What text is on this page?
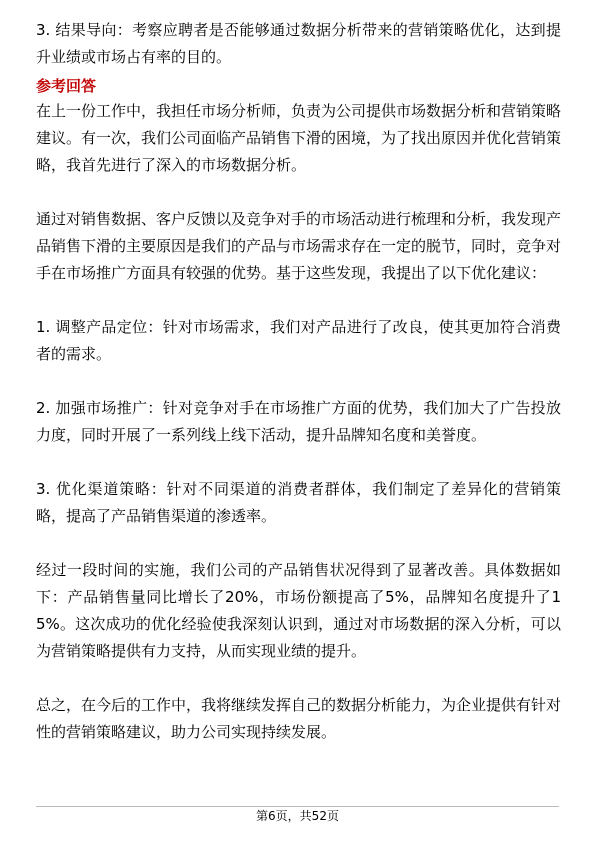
3. 结果导向：考察应聘者是否能够通过数据分析带来的营销策略优化，达到提升业绩或市场占有率的目的。

参考回答

在上一份工作中，我担任市场分析师，负责为公司提供市场数据分析和营销策略建议。有一次，我们公司面临产品销售下滑的困境，为了找出原因并优化营销策略，我首先进行了深入的市场数据分析。

通过对销售数据、客户反馈以及竞争对手的市场活动进行梳理和分析，我发现产品销售下滑的主要原因是我们的产品与市场需求存在一定的脱节，同时，竞争对手在市场推广方面具有较强的优势。基于这些发现，我提出了以下优化建议：

1. 调整产品定位：针对市场需求，我们对产品进行了改良，使其更加符合消费者的需求。

2. 加强市场推广：针对竞争对手在市场推广方面的优势，我们加大了广告投放力度，同时开展了一系列线上线下活动，提升品牌知名度和美誉度。

3. 优化渠道策略：针对不同渠道的消费者群体，我们制定了差异化的营销策略，提高了产品销售渠道的渗透率。

经过一段时间的实施，我们公司的产品销售状况得到了显著改善。具体数据如下：产品销售量同比增长了20%，市场份额提高了5%，品牌知名度提升了15%。这次成功的优化经验使我深刻认识到，通过对市场数据的深入分析，可以为营销策略提供有力支持，从而实现业绩的提升。

总之，在今后的工作中，我将继续发挥自己的数据分析能力，为企业提供有针对性的营销策略建议，助力公司实现持续发展。

第6页，共52页
